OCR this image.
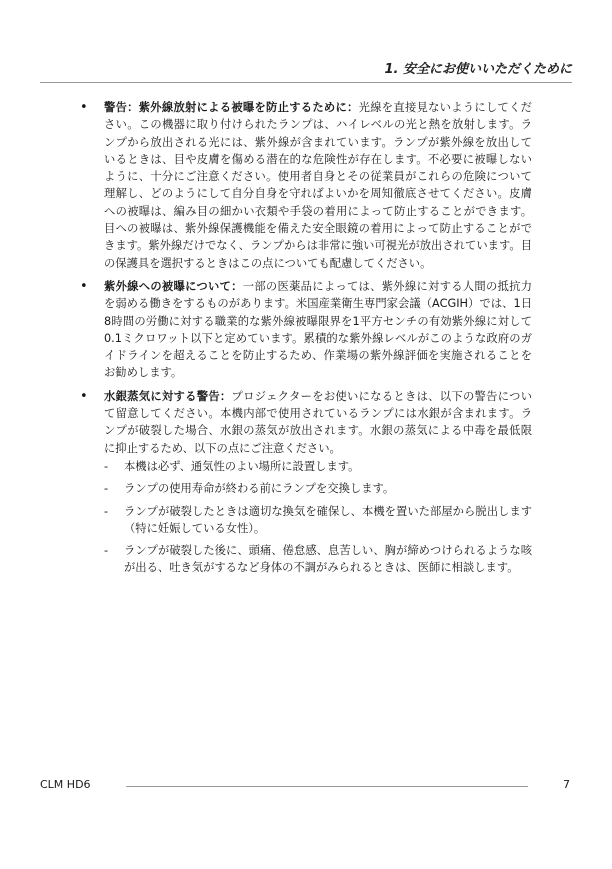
1. 安全にお使いいただくために
• 警告：紫外線放射による被曝を防止するために：光線を直接見ないようにしてください。この機器に取り付けられたランプは、ハイレベルの光と熱を放射します。ランプから放出される光には、紫外線が含まれています。ランプが紫外線を放出しているときは、目や皮膚を傷める潜在的な危険性が存在します。不必要に被曝しないように、十分にご注意ください。使用者自身とその従業員がこれらの危険について理解し、どのようにして自分自身を守ればよいかを周知徹底させてください。皮膚への被曝は、編み目の細かい衣類や手袋の着用によって防止することができます。目への被曝は、紫外線保護機能を備えた安全眼鏡の着用によって防止することができます。紫外線だけでなく、ランプからは非常に強い可視光が放出されています。目の保護具を選択するときはこの点についても配慮してください。

• 紫外線への被曝について：一部の医薬品によっては、紫外線に対する人間の抵抗力を弱める働きをするものがあります。米国産業衛生専門家会議（ACGIH）では、1日8時間の労働に対する職業的な紫外線被曝限界を1平方センチの有効紫外線に対して0.1ミクロワット以下と定めています。累積的な紫外線レベルがこのような政府のガイドラインを超えることを防止するため、作業場の紫外線評価を実施されることをお勧めします。

• 水銀蒸気に対する警告：プロジェクターをお使いになるときは、以下の警告について留意してください。本機内部で使用されているランプには水銀が含まれます。ランプが破裂した場合、水銀の蒸気が放出されます。水銀の蒸気による中毒を最低限に抑止するため、以下の点にご注意ください。

- 本機は必ず、通気性のよい場所に設置します。

- ランプの使用寿命が終わる前にランプを交換します。

- ランプが破裂したときは適切な換気を確保し、本機を置いた部屋から脱出します（特に妊娠している女性）。

- ランプが破裂した後に、頭痛、倦怠感、息苦しい、胸が締めつけられるような咳が出る、吐き気がするなど身体の不調がみられるときは、医師に相談します。

CLM HD6	7
